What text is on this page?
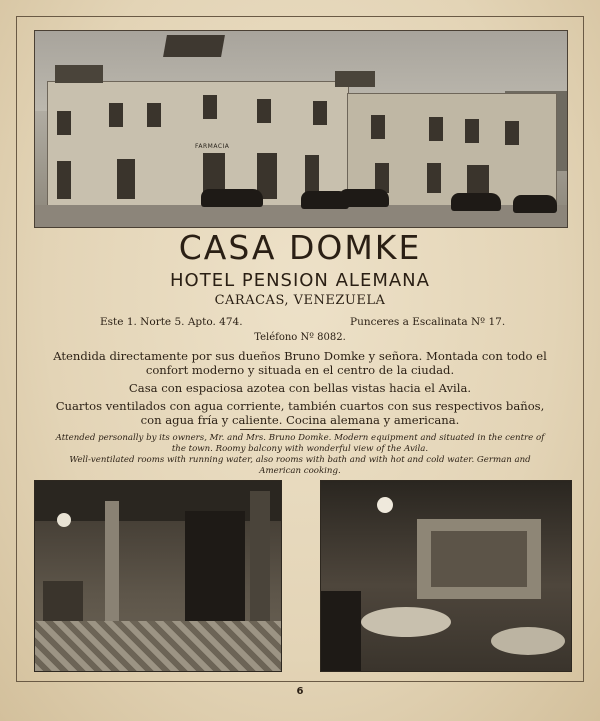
FARMACIA
CASA DOMKE
HOTEL PENSION ALEMANA
CARACAS, VENEZUELA
Este 1. Norte 5. Apto. 474.	Punceres a Escalinata Nº 17.
Teléfono Nº 8082.
Atendida directamente por sus dueños Bruno Domke y señora. Montada con todo el confort moderno y situada en el centro de la ciudad.
Casa con espaciosa azotea con bellas vistas hacia el Avila.
Cuartos ventilados con agua corriente, también cuartos con sus respectivos baños, con agua fría y caliente. Cocina alemana y americana.
Attended personally by its owners, Mr. and Mrs. Bruno Domke. Modern equipment and situated in the centre of the town. Roomy balcony with wonderful view of the Avila.
Well-ventilated rooms with running water, also rooms with bath and with hot and cold water. German and American cooking.
6
